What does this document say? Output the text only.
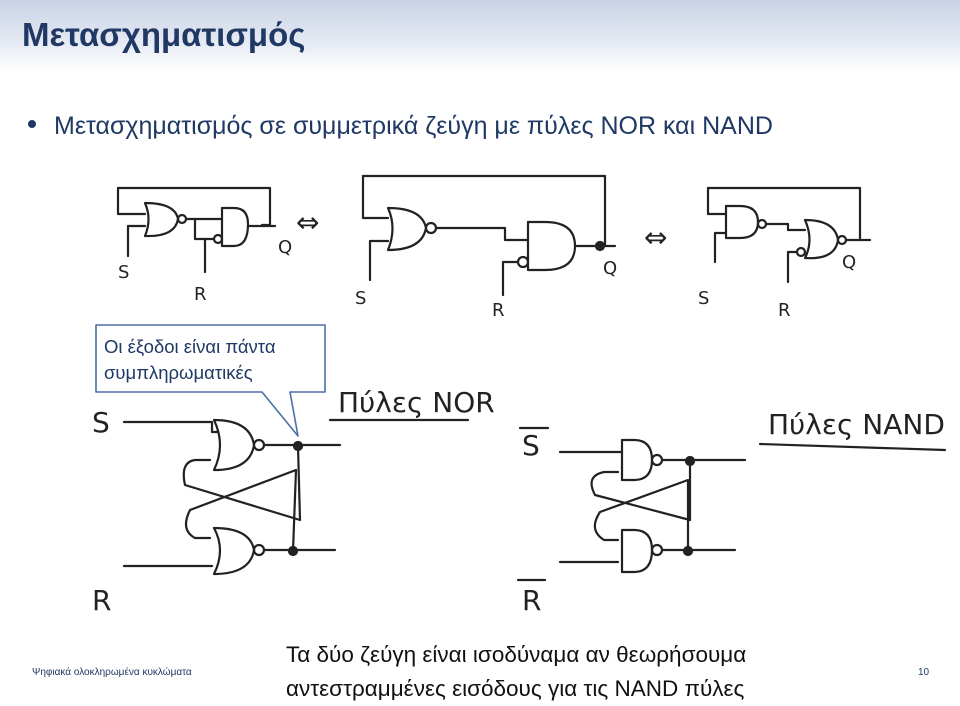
Μετασχηματισμός
Μετασχηματισμός σε συμμετρικά ζεύγη με πύλες NOR και NAND
S
R
Q
⇔
S
R
Q
⇔
S
R
Q
Πύλες NOR
S
R
Πύλες NAND
S
R
Οι έξοδοι είναι πάντα
συμπληρωματικές
Τα δύο ζεύγη είναι ισοδύναμα αν θεωρήσουμα
αντεστραμμένες εισόδους για τις NAND πύλες
Ψηφιακά ολοκληρωμένα κυκλώματα	10
